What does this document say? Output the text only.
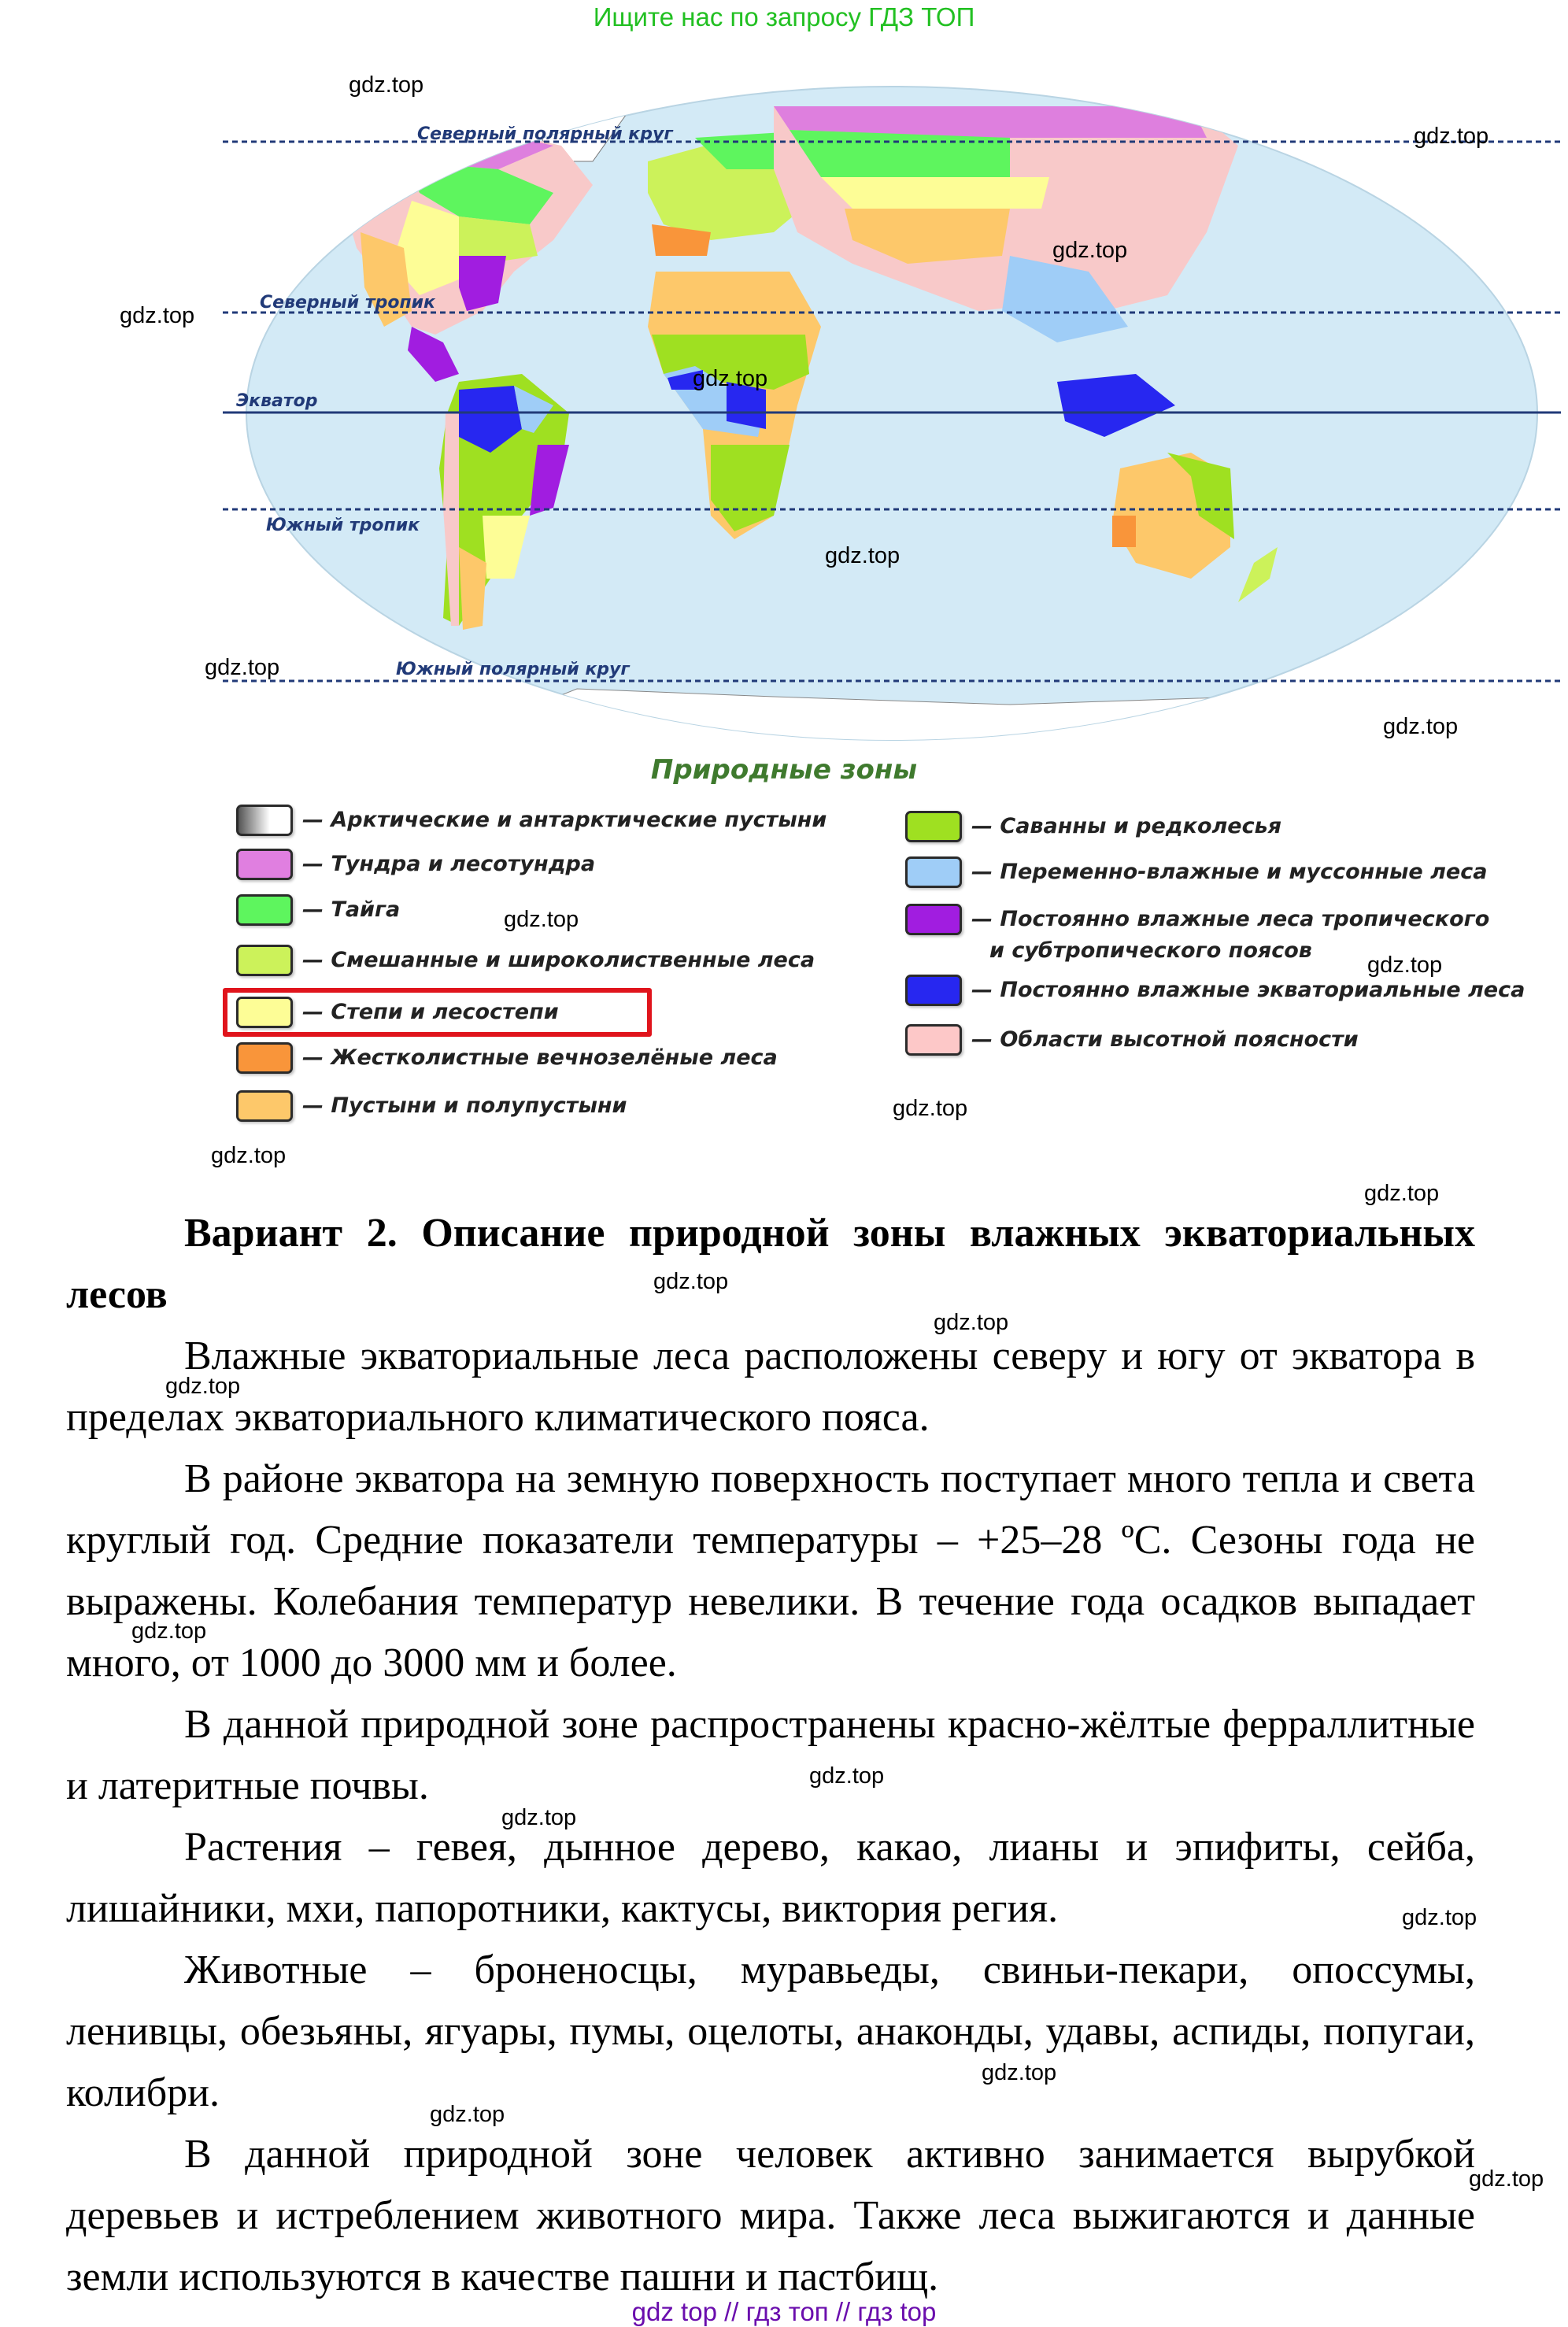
Ищите нас по запросу ГДЗ ТОП
Северный полярный круг
Северный тропик
Экватор
Южный тропик
Южный полярный круг
Природные зоны
— Арктические и антарктические пустыни
— Тундра и лесотундра
— Тайга
— Смешанные и широколиственные леса
— Степи и лесостепи
— Жестколистные вечнозелёные леса
— Пустыни и полупустыни
— Саванны и редколесья
— Переменно-влажные и муссонные леса
— Постоянно влажные леса тропического
и субтропического поясов
— Постоянно влажные экваториальные леса
— Области высотной поясности

Вариант 2. Описание природной зоны влажных экваториальных лесов

Влажные экваториальные леса расположены северу и югу от экватора в пределах экваториального климатического пояса.

В районе экватора на земную поверхность поступает много тепла и света круглый год. Средние показатели температуры – +25–28 ºС. Сезоны года не выражены. Колебания температур невелики. В течение года осадков выпадает много, от 1000 до 3000 мм и более.

В данной природной зоне распространены красно-жёлтые ферраллитные и латеритные почвы.

Растения – гевея, дынное дерево, какао, лианы и эпифиты, сейба, лишайники, мхи, папоротники, кактусы, виктория регия.

Животные – броненосцы, муравьеды, свиньи-пекари, опоссумы, ленивцы, обезьяны, ягуары, пумы, оцелоты, анаконды, удавы, аспиды, попугаи, колибри.

В данной природной зоне человек активно занимается вырубкой деревьев и истреблением животного мира. Также леса выжигаются и данные земли используются в качестве пашни и пастбищ.

gdz.top
gdz.top
gdz.top
gdz.top
gdz.top
gdz.top
gdz.top
gdz.top
gdz.top
gdz.top
gdz.top
gdz.top
gdz.top
gdz.top
gdz.top
gdz.top
gdz.top
gdz.top
gdz.top
gdz.top
gdz.top
gdz.top
gdz.top
gdz top // гдз топ // гдз top
